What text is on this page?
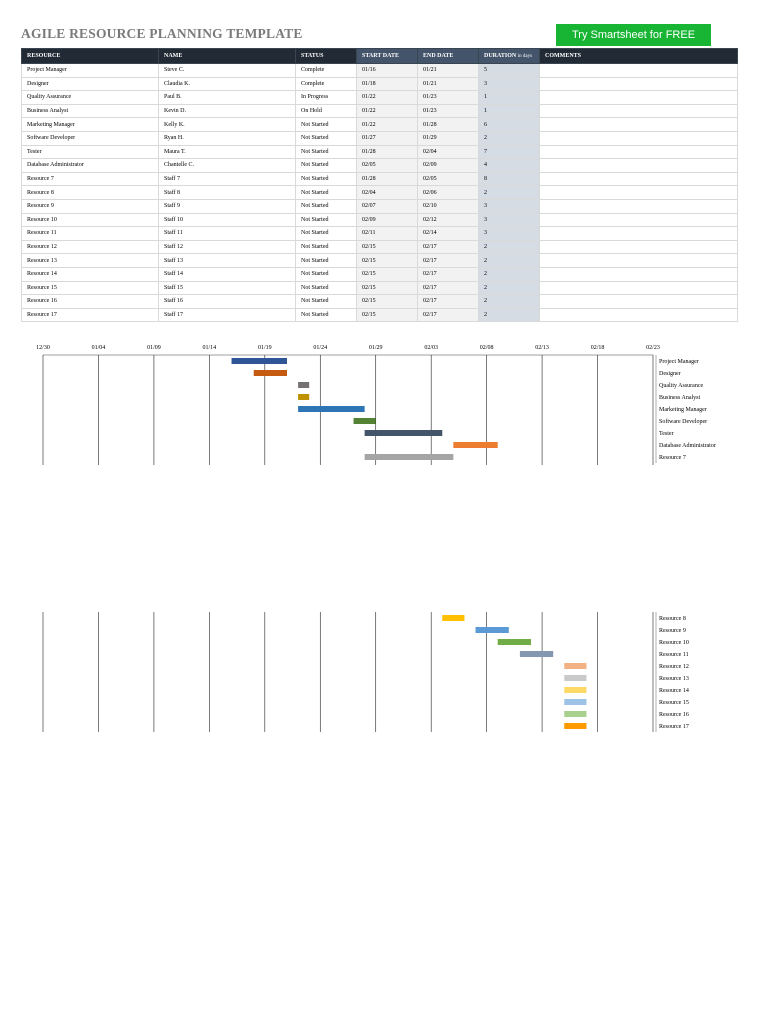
AGILE RESOURCE PLANNING TEMPLATE	Try Smartsheet for FREE
RESOURCE	NAME	STATUS	START DATE	END DATE	DURATION in days	COMMENTS
Project Manager	Steve C.	Complete	01/16	01/21	5	
Designer	Claudia K.	Complete	01/18	01/21	3	
Quality Assurance	Paul B.	In Progress	01/22	01/23	1	
Business Analyst	Kevin D.	On Hold	01/22	01/23	1	
Marketing Manager	Kelly K.	Not Started	01/22	01/28	6	
Software Developer	Ryan H.	Not Started	01/27	01/29	2	
Tester	Maura T.	Not Started	01/28	02/04	7	
Database Administrator	Chantelle C.	Not Started	02/05	02/09	4	
Resource 7	Staff 7	Not Started	01/28	02/05	8	
Resource 8	Staff 8	Not Started	02/04	02/06	2	
Resource 9	Staff 9	Not Started	02/07	02/10	3	
Resource 10	Staff 10	Not Started	02/09	02/12	3	
Resource 11	Staff 11	Not Started	02/11	02/14	3	
Resource 12	Staff 12	Not Started	02/15	02/17	2	
Resource 13	Staff 13	Not Started	02/15	02/17	2	
Resource 14	Staff 14	Not Started	02/15	02/17	2	
Resource 15	Staff 15	Not Started	02/15	02/17	2	
Resource 16	Staff 16	Not Started	02/15	02/17	2	
Resource 17	Staff 17	Not Started	02/15	02/17	2	
12/30	01/04	01/09	01/14	01/19	01/24	01/29	02/03	02/08	02/13	02/18	02/23
Project Manager
Designer
Quality Assurance
Business Analyst
Marketing Manager
Software Developer
Tester
Database Administrator
Resource 7
Resource 8
Resource 9
Resource 10
Resource 11
Resource 12
Resource 13
Resource 14
Resource 15
Resource 16
Resource 17
